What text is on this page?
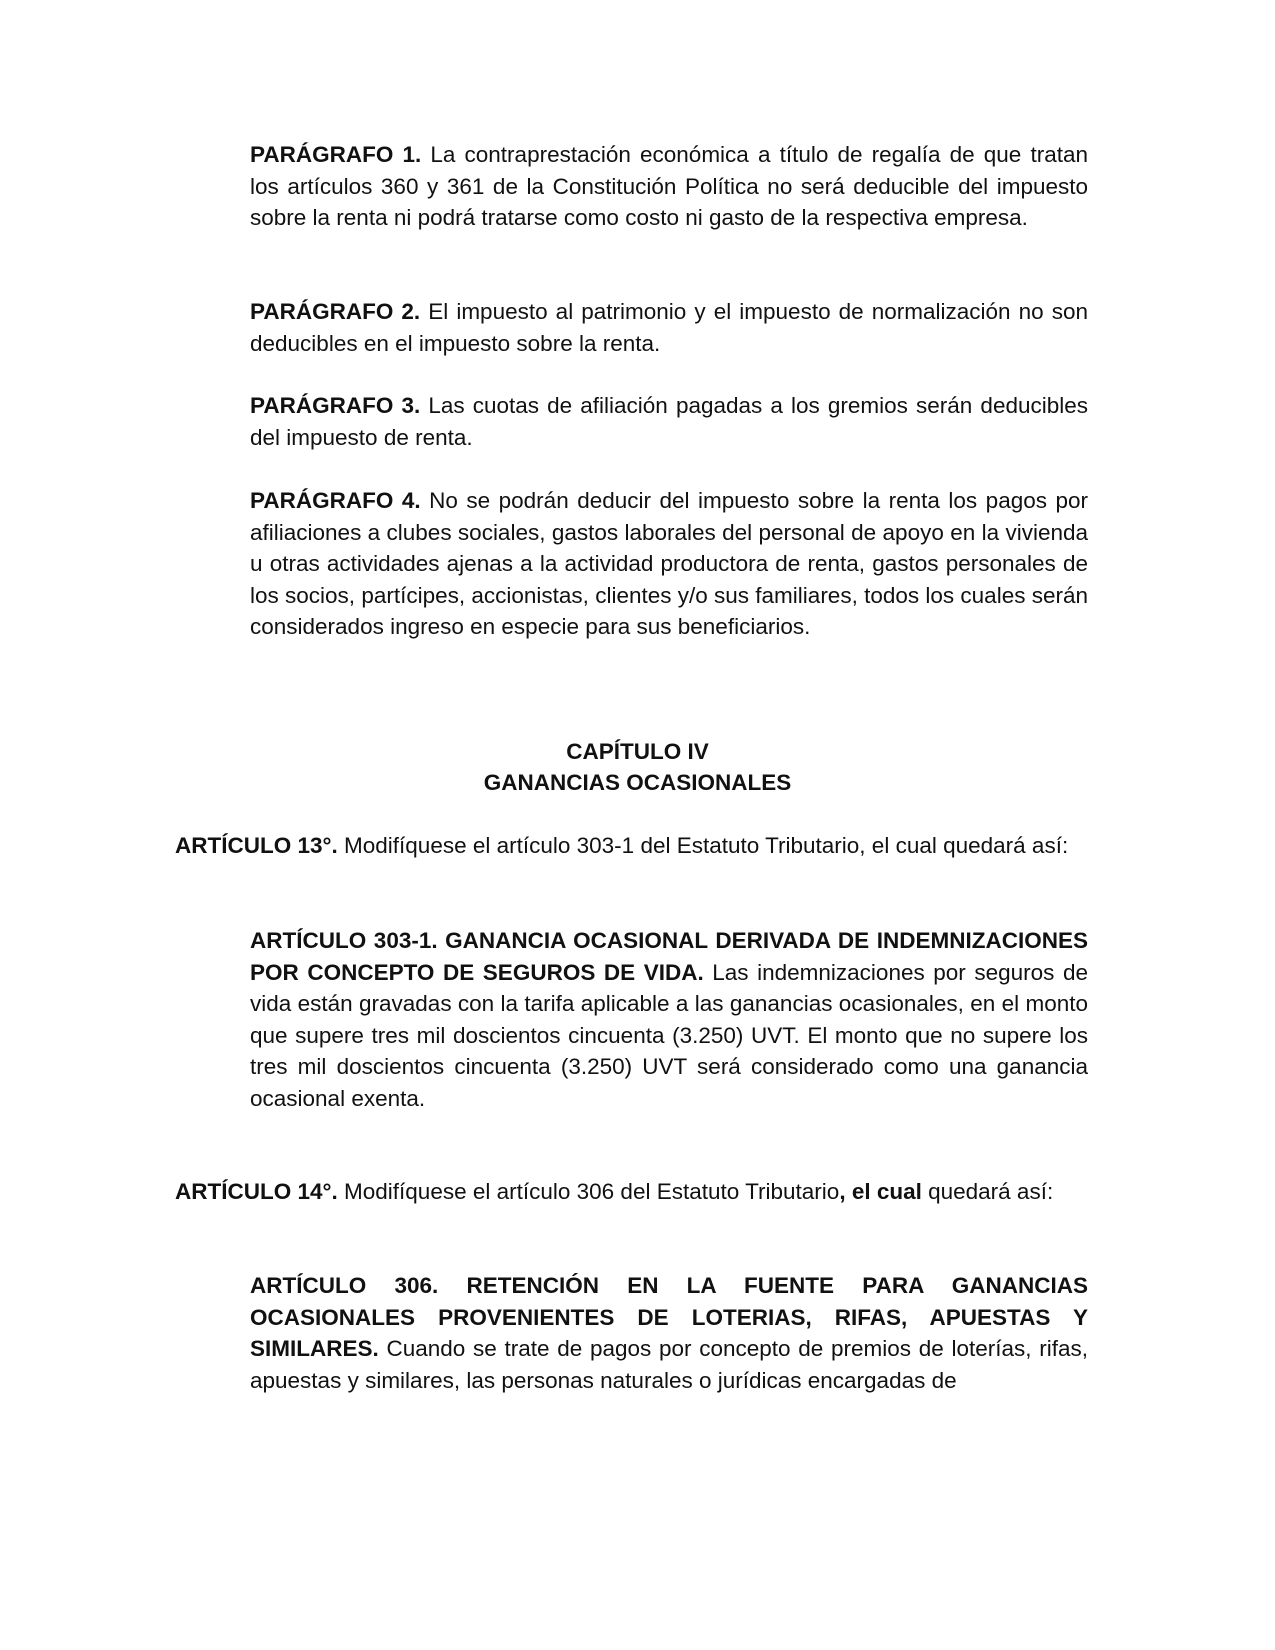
PARÁGRAFO 1. La contraprestación económica a título de regalía de que tratan los artículos 360 y 361 de la Constitución Política no será deducible del impuesto sobre la renta ni podrá tratarse como costo ni gasto de la respectiva empresa.

PARÁGRAFO 2. El impuesto al patrimonio y el impuesto de normalización no son deducibles en el impuesto sobre la renta.

PARÁGRAFO 3. Las cuotas de afiliación pagadas a los gremios serán deducibles del impuesto de renta.

PARÁGRAFO 4. No se podrán deducir del impuesto sobre la renta los pagos por afiliaciones a clubes sociales, gastos laborales del personal de apoyo en la vivienda u otras actividades ajenas a la actividad productora de renta, gastos personales de los socios, partícipes, accionistas, clientes y/o sus familiares, todos los cuales serán considerados ingreso en especie para sus beneficiarios.

CAPÍTULO IV
GANANCIAS OCASIONALES

ARTÍCULO 13°. Modifíquese el artículo 303-1 del Estatuto Tributario, el cual quedará así:

ARTÍCULO 303-1. GANANCIA OCASIONAL DERIVADA DE INDEMNIZACIONES POR CONCEPTO DE SEGUROS DE VIDA. Las indemnizaciones por seguros de vida están gravadas con la tarifa aplicable a las ganancias ocasionales, en el monto que supere tres mil doscientos cincuenta (3.250) UVT. El monto que no supere los tres mil doscientos cincuenta (3.250) UVT será considerado como una ganancia ocasional exenta.

ARTÍCULO 14°. Modifíquese el artículo 306 del Estatuto Tributario, el cual quedará así:

ARTÍCULO 306. RETENCIÓN EN LA FUENTE PARA GANANCIAS OCASIONALES PROVENIENTES DE LOTERIAS, RIFAS, APUESTAS Y SIMILARES. Cuando se trate de pagos por concepto de premios de loterías, rifas, apuestas y similares, las personas naturales o jurídicas encargadas de
